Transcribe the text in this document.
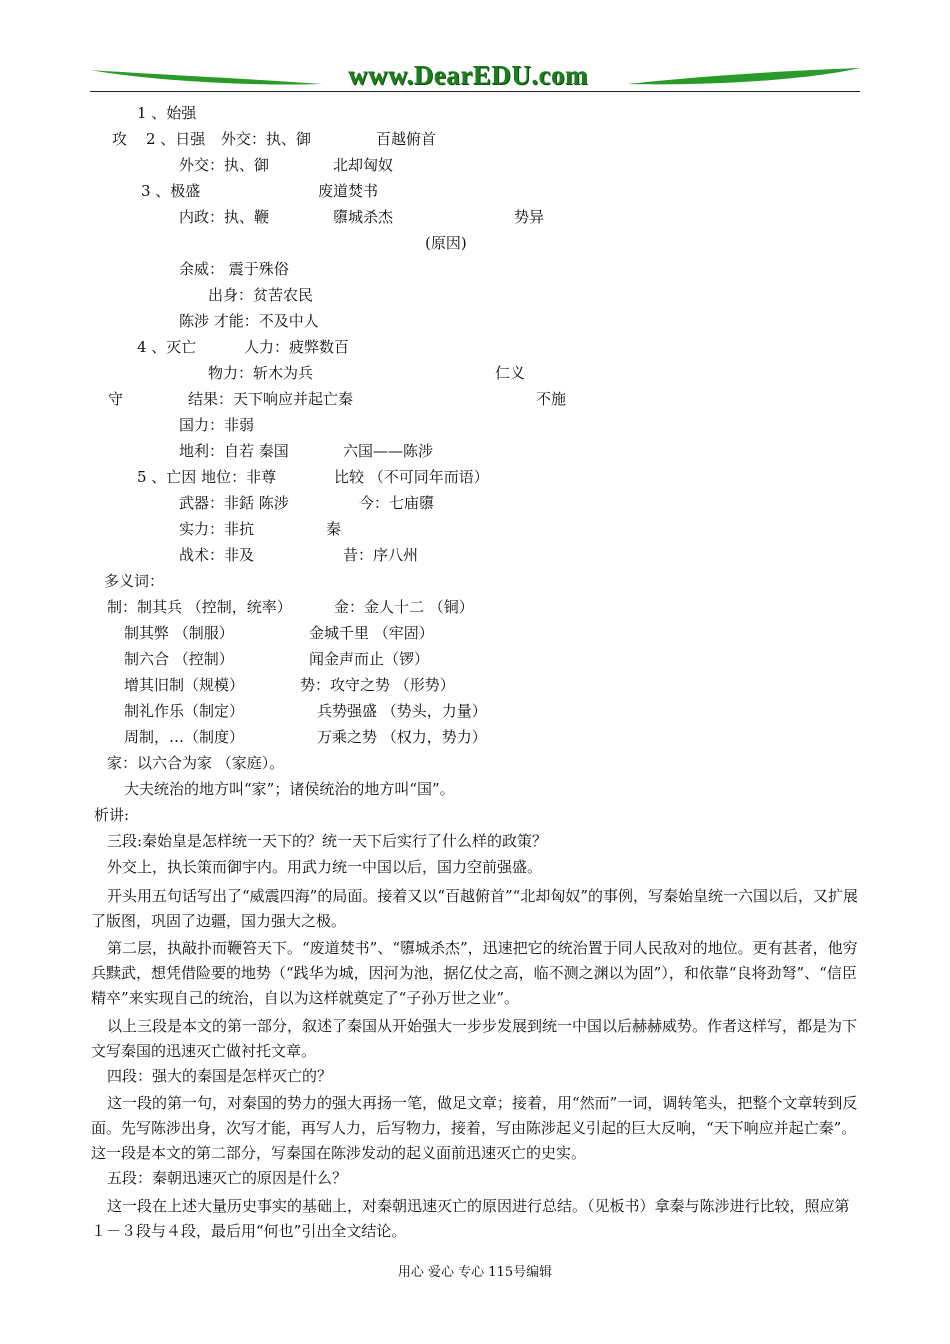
www.DearEDU.com
1 、始强
攻 2 、日强 外交：执、御	百越俯首
外交：执、御	北却匈奴
3 、极盛	废道焚书
内政：执、鞭	隳城杀杰	势异
(原因)
余威： 震于殊俗
出身：贫苦农民
陈涉 才能：不及中人
4 、灭亡	人力：疲弊数百
物力：斩木为兵	仁义
守	结果：天下响应并起亡秦	不施
国力：非弱
地利：自若 秦国	六国——陈涉
5 、亡因 地位：非尊	比较 （不可同年而语）
武器：非銛 陈涉	今：七庙隳
实力：非抗	秦
战术：非及	昔：序八州
多义词：
制：制其兵 （控制，统率）	金：金人十二 （铜）
制其弊 （制服）	金城千里 （牢固）
制六合 （控制）	闻金声而止（锣）
增其旧制（规模）	势：攻守之势 （形势）
制礼作乐（制定）	兵势强盛 （势头，力量）
周制，…（制度）	万乘之势 （权力，势力）
家：以六合为家 （家庭）。
大夫统治的地方叫“家”；诸侯统治的地方叫“国”。
析讲:
三段:秦始皇是怎样统一天下的？统一天下后实行了什么样的政策？
外交上，执长策而御宇内。用武力统一中国以后，国力空前强盛。
开头用五句话写出了“威震四海”的局面。接着又以“百越俯首”“北却匈奴”的事例，写秦始皇统一六国以后，又扩展了版图，巩固了边疆，国力强大之极。
第二层，执敲扑而鞭笞天下。“废道焚书”、“隳城杀杰”，迅速把它的统治置于同人民敌对的地位。更有甚者，他穷兵黩武，想凭借险要的地势（“践华为城，因河为池，据亿仗之高，临不测之渊以为固”），和依靠“良将劲弩”、“信臣精卒”来实现自己的统治，自以为这样就奠定了“子孙万世之业”。
以上三段是本文的第一部分，叙述了秦国从开始强大一步步发展到统一中国以后赫赫威势。作者这样写，都是为下文写秦国的迅速灭亡做衬托文章。
四段：强大的秦国是怎样灭亡的？
这一段的第一句，对秦国的势力的强大再扬一笔，做足文章；接着，用“然而”一词，调转笔头，把整个文章转到反面。先写陈涉出身，次写才能，再写人力，后写物力，接着，写由陈涉起义引起的巨大反响，“天下响应并起亡秦”。这一段是本文的第二部分，写秦国在陈涉发动的起义面前迅速灭亡的史实。
五段：秦朝迅速灭亡的原因是什么？
这一段在上述大量历史事实的基础上，对秦朝迅速灭亡的原因进行总结。（见板书）拿秦与陈涉进行比较，照应第１－３段与４段，最后用“何也”引出全文结论。
用心 爱心 专心 115号编辑
